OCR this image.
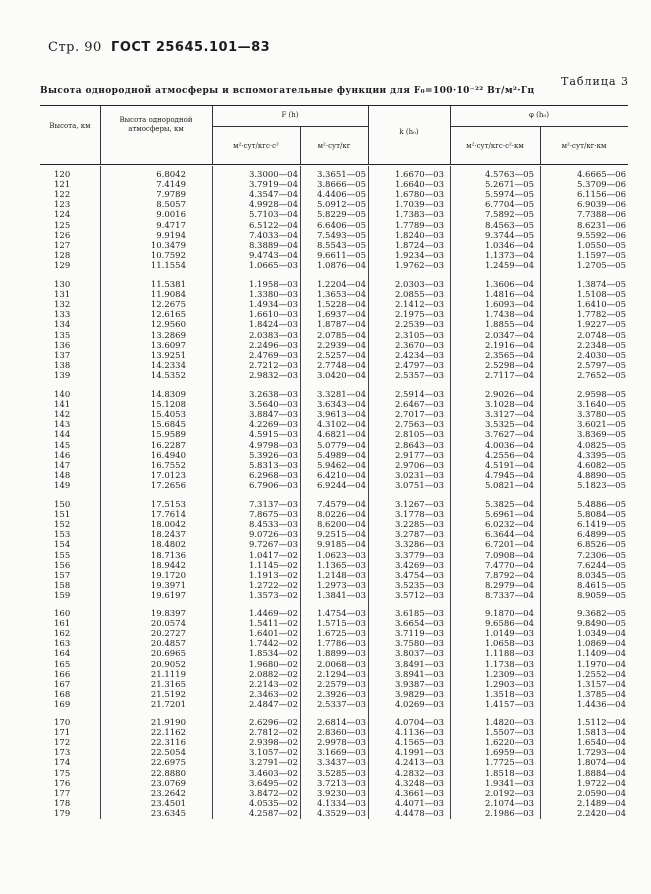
Стр. 90 ГОСТ 25645.101—83
Таблица 3
Высота однородной атмосферы и вспомогательные функции для F₀=100·10⁻²² Вт/м²·Гц
Высота, км
Высота однородной атмосферы, км
F (h)
м²·сут/кгс·с²	м²·сут/кг
k (h₀)
φ (h₀)
м²·сут/кгс·с²·км	м²·сут/кг·км
120	6.8042	3.3000—04	3.3651—05	1.6670—03	4.5763—05	4.6665—06
121	7.4149	3.7919—04	3.8666—05	1.6640—03	5.2671—05	5.3709—06
122	7.9789	4.3547—04	4.4406—05	1.6780—03	5.5974—05	6.1156—06
123	8.5057	4.9928—04	5.0912—05	1.7039—03	6.7704—05	6.9039—06
124	9.0016	5.7103—04	5.8229—05	1.7383—03	7.5892—05	7.7388—06
125	9.4717	6.5122—04	6.6406—05	1.7789—03	8.4563—05	8.6231—06
126	9.9194	7.4033—04	7.5493—05	1.8240—03	9.3744—05	9.5592—06
127	10.3479	8.3889—04	8.5543—05	1.8724—03	1.0346—04	1.0550—05
128	10.7592	9.4743—04	9.6611—05	1.9234—03	1.1373—04	1.1597—05
129	11.1554	1.0665—03	1.0876—04	1.9762—03	1.2459—04	1.2705—05
130	11.5381	1.1958—03	1.2204—04	2.0303—03	1.3606—04	1.3874—05
131	11.9084	1.3380—03	1.3653—04	2.0855—03	1.4816—04	1.5108—05
132	12.2675	1.4934—03	1.5228—04	2.1412—03	1.6093—04	1.6410—05
133	12.6165	1.6610—03	1.6937—04	2.1975—03	1.7438—04	1.7782—05
134	12.9560	1.8424—03	1.8787—04	2.2539—03	1.8855—04	1.9227—05
135	13.2869	2.0383—03	2.0785—04	2.3105—03	2.0347—04	2.0748—05
136	13.6097	2.2496—03	2.2939—04	2.3670—03	2.1916—04	2.2348—05
137	13.9251	2.4769—03	2.5257—04	2.4234—03	2.3565—04	2.4030—05
138	14.2334	2.7212—03	2.7748—04	2.4797—03	2.5298—04	2.5797—05
139	14.5352	2.9832—03	3.0420—04	2.5357—03	2.7117—04	2.7652—05
140	14.8309	3.2638—03	3.3281—04	2.5914—03	2.9026—04	2.9598—05
141	15.1208	3.5640—03	3.6343—04	2.6467—03	3.1028—04	3.1640—05
142	15.4053	3.8847—03	3.9613—04	2.7017—03	3.3127—04	3.3780—05
143	15.6845	4.2269—03	4.3102—04	2.7563—03	3.5325—04	3.6021—05
144	15.9589	4.5915—03	4.6821—04	2.8105—03	3.7627—04	3.8369—05
145	16.2287	4.9798—03	5.0779—04	2.8643—03	4.0036—04	4.0825—05
146	16.4940	5.3926—03	5.4989—04	2.9177—03	4.2556—04	4.3395—05
147	16.7552	5.8313—03	5.9462—04	2.9706—03	4.5191—04	4.6082—05
148	17.0123	6.2968—03	6.4210—04	3.0231—03	4.7945—04	4.8890—05
149	17.2656	6.7906—03	6.9244—04	3.0751—03	5.0821—04	5.1823—05
150	17.5153	7.3137—03	7.4579—04	3.1267—03	5.3825—04	5.4886—05
151	17.7614	7.8675—03	8.0226—04	3.1778—03	5.6961—04	5.8084—05
152	18.0042	8.4533—03	8.6200—04	3.2285—03	6.0232—04	6.1419—05
153	18.2437	9.0726—03	9.2515—04	3.2787—03	6.3644—04	6.4899—05
154	18.4802	9.7267—03	9.9185—04	3.3286—03	6.7201—04	6.8526—05
155	18.7136	1.0417—02	1.0623—03	3.3779—03	7.0908—04	7.2306—05
156	18.9442	1.1145—02	1.1365—03	3.4269—03	7.4770—04	7.6244—05
157	19.1720	1.1913—02	1.2148—03	3.4754—03	7.8792—04	8.0345—05
158	19.3971	1.2722—02	1.2973—03	3.5235—03	8.2979—04	8.4615—05
159	19.6197	1.3573—02	1.3841—03	3.5712—03	8.7337—04	8.9059—05
160	19.8397	1.4469—02	1.4754—03	3.6185—03	9.1870—04	9.3682—05
161	20.0574	1.5411—02	1.5715—03	3.6654—03	9.6586—04	9.8490—05
162	20.2727	1.6401—02	1.6725—03	3.7119—03	1.0149—03	1.0349—04
163	20.4857	1.7442—02	1.7786—03	3.7580—03	1.0658—03	1.0869—04
164	20.6965	1.8534—02	1.8899—03	3.8037—03	1.1188—03	1.1409—04
165	20.9052	1.9680—02	2.0068—03	3.8491—03	1.1738—03	1.1970—04
166	21.1119	2.0882—02	2.1294—03	3.8941—03	1.2309—03	1.2552—04
167	21.3165	2.2143—02	2.2579—03	3.9387—03	1.2903—03	1.3157—04
168	21.5192	2.3463—02	2.3926—03	3.9829—03	1.3518—03	1.3785—04
169	21.7201	2.4847—02	2.5337—03	4.0269—03	1.4157—03	1.4436—04
170	21.9190	2.6296—02	2.6814—03	4.0704—03	1.4820—03	1.5112—04
171	22.1162	2.7812—02	2.8360—03	4.1136—03	1.5507—03	1.5813—04
172	22.3116	2.9398—02	2.9978—03	4.1565—03	1.6220—03	1.6540—04
173	22.5054	3.1057—02	3.1669—03	4.1991—03	1.6959—03	1.7293—04
174	22.6975	3.2791—02	3.3437—03	4.2413—03	1.7725—03	1.8074—04
175	22.8880	3.4603—02	3.5285—03	4.2832—03	1.8518—03	1.8884—04
176	23.0769	3.6495—02	3.7213—03	4.3248—03	1.9341—03	1.9722—04
177	23.2642	3.8472—02	3.9230—03	4.3661—03	2.0192—03	2.0590—04
178	23.4501	4.0535—02	4.1334—03	4.4071—03	2.1074—03	2.1489—04
179	23.6345	4.2587—02	4.3529—03	4.4478—03	2.1986—03	2.2420—04
